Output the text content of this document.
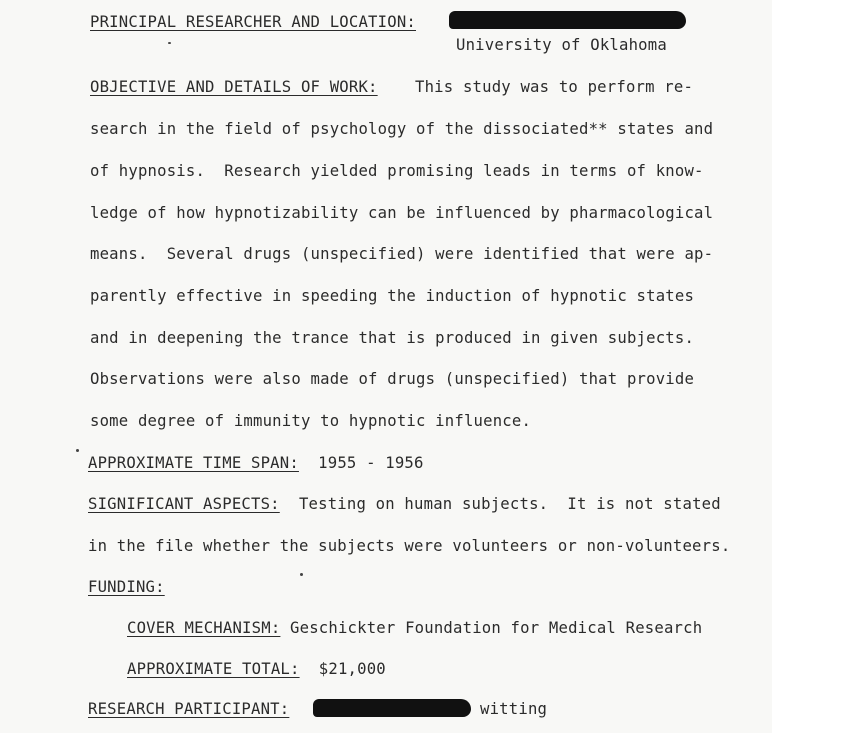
PRINCIPAL RESEARCHER AND LOCATION:
University of Oklahoma
OBJECTIVE AND DETAILS OF WORK: This study was to perform re-
search in the field of psychology of the dissociated** states and
of hypnosis.  Research yielded promising leads in terms of know-
ledge of how hypnotizability can be influenced by pharmacological
means.  Several drugs (unspecified) were identified that were ap-
parently effective in speeding the induction of hypnotic states
and in deepening the trance that is produced in given subjects.
Observations were also made of drugs (unspecified) that provide
some degree of immunity to hypnotic influence.
APPROXIMATE TIME SPAN: 1955 - 1956
SIGNIFICANT ASPECTS: Testing on human subjects.  It is not stated
in the file whether the subjects were volunteers or non-volunteers.
FUNDING:
COVER MECHANISM: Geschickter Foundation for Medical Research
APPROXIMATE TOTAL: $21,000
RESEARCH PARTICIPANT:	witting
